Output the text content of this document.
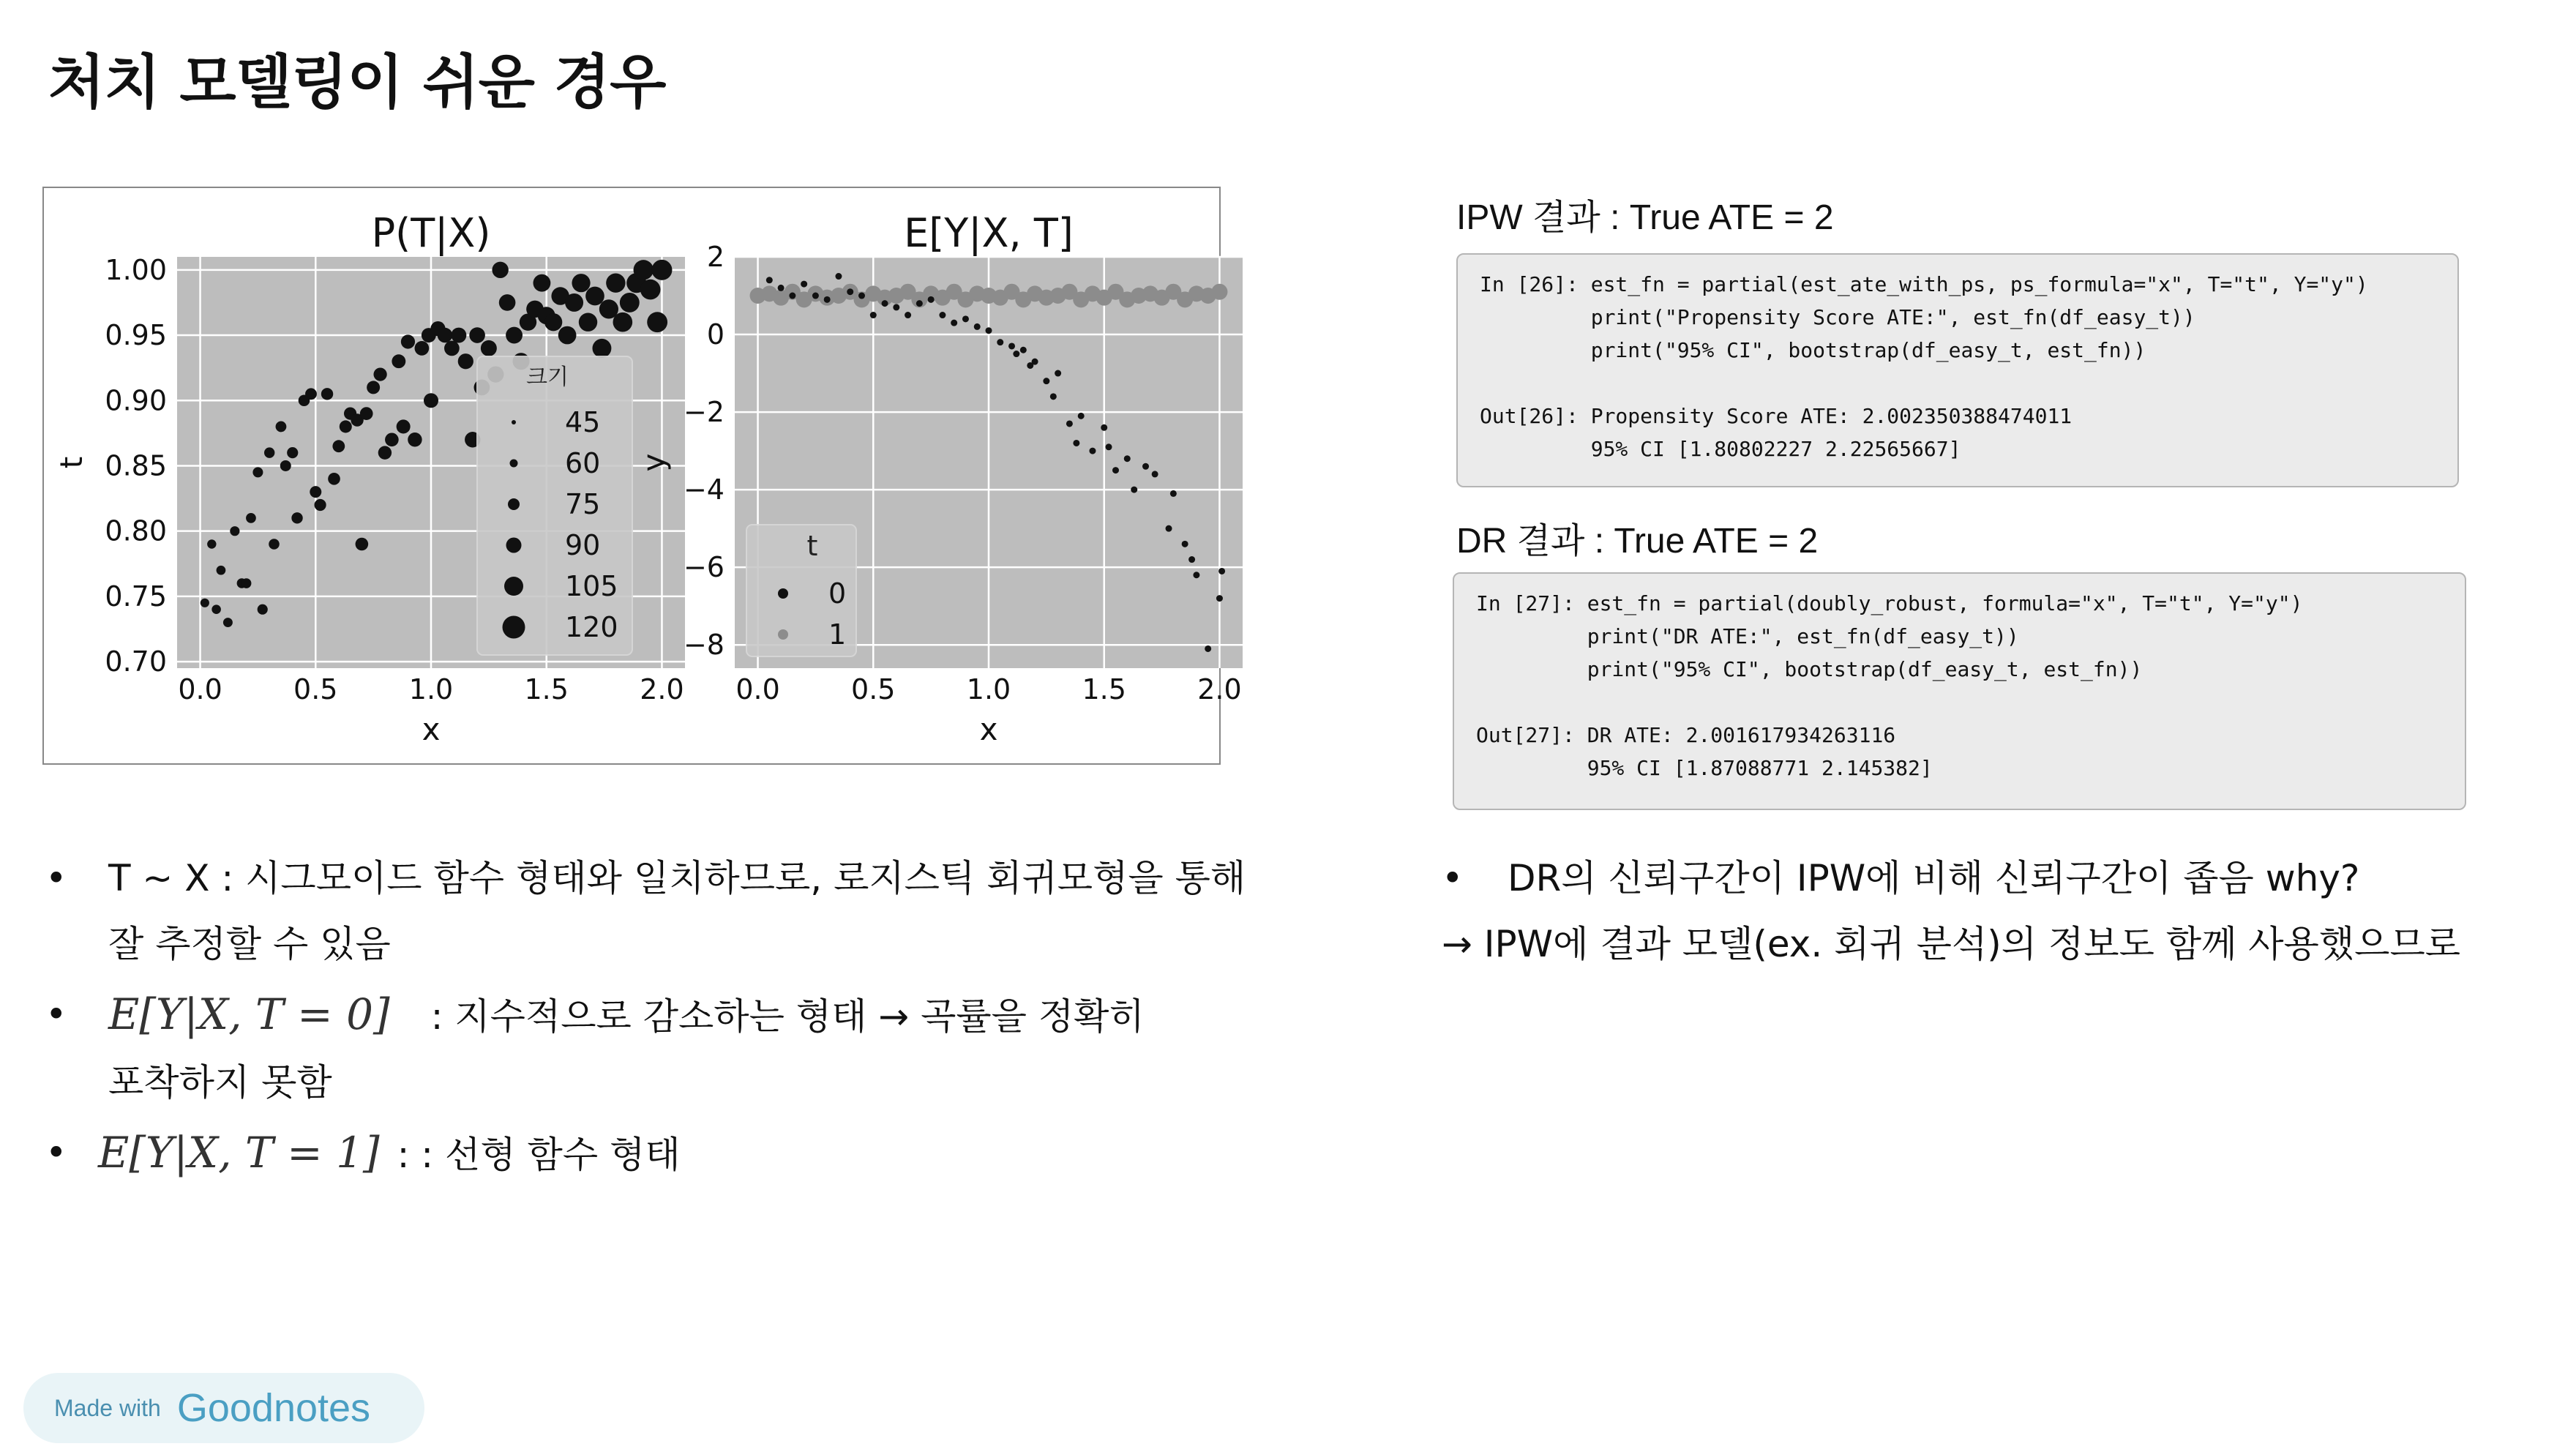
처치 모델링이 쉬운 경우
0.0	0.5	1.0	1.5	2.0
0.70
0.75
0.80
0.85
0.90
0.95
1.00
P(T|X)
x
t
크기
45
60
75
90
105
120
0.0	0.5	1.0	1.5	2.0
2
0
−2
−4
−6
−8
E[Y|X, T]
x
y
t
0
1
IPW 결과 : True ATE = 2
In [26]: est_fn = partial(est_ate_with_ps, ps_formula="x", T="t", Y="y")
print("Propensity Score ATE:", est_fn(df_easy_t))
print("95% CI", bootstrap(df_easy_t, est_fn))
Out[26]: Propensity Score ATE: 2.002350388474011
95% CI [1.80802227 2.22565667]
DR 결과 : True ATE = 2
In [27]: est_fn = partial(doubly_robust, formula="x", T="t", Y="y")
print("DR ATE:", est_fn(df_easy_t))
print("95% CI", bootstrap(df_easy_t, est_fn))
Out[27]: DR ATE: 2.001617934263116
95% CI [1.87088771 2.145382]
• T ~ X : 시그모이드 함수 형태와 일치하므로, 로지스틱 회귀모형을 통해
잘 추정할 수 있음
• E[Y|X, T = 0] : 지수적으로 감소하는 형태 → 곡률을 정확히
포착하지 못함
• E[Y|X, T = 1] : : 선형 함수 형태
• DR의 신뢰구간이 IPW에 비해 신뢰구간이 좁음 why?
→ IPW에 결과 모델(ex. 회귀 분석)의 정보도 함께 사용했으므로
Made with Goodnotes
